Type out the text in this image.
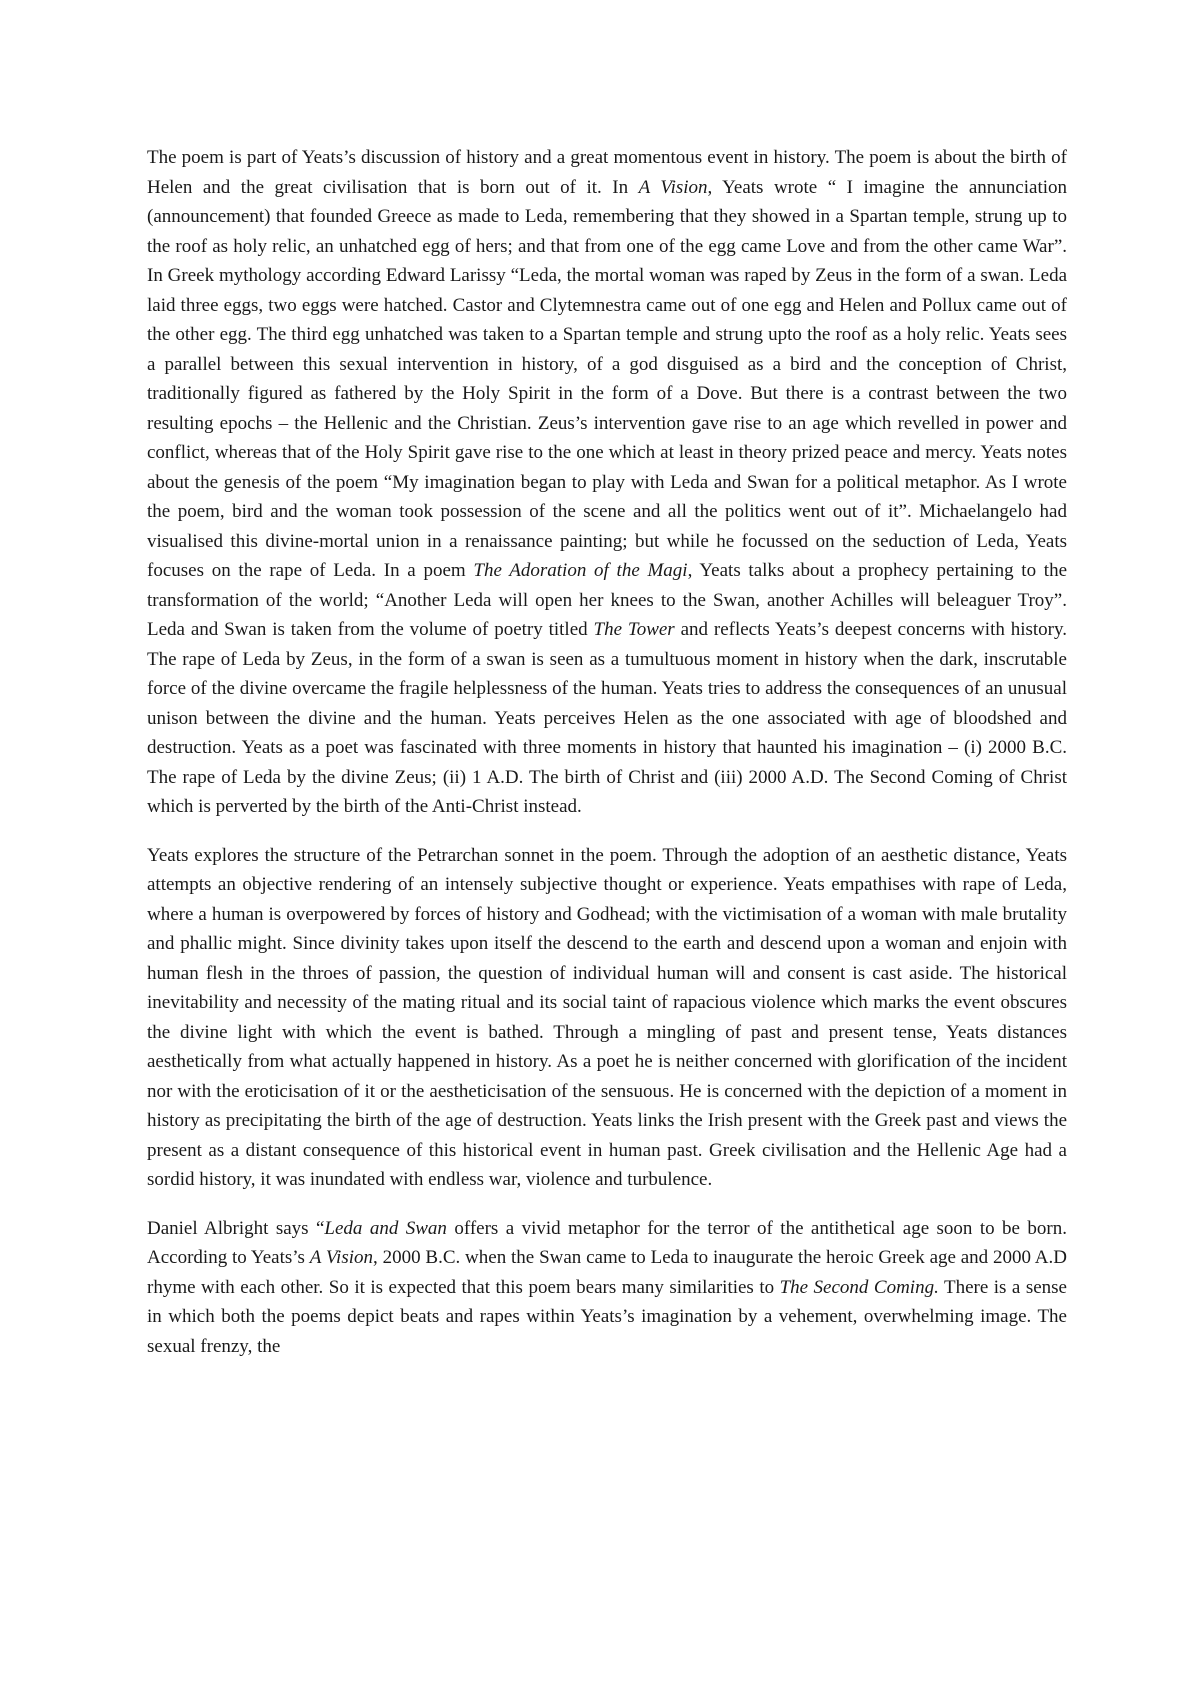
The poem is part of Yeats’s discussion of history and a great momentous event in history. The poem is about the birth of Helen and the great civilisation that is born out of it. In A Vision, Yeats wrote “ I imagine the annunciation (announcement) that founded Greece as made to Leda, remembering that they showed in a Spartan temple, strung up to the roof as holy relic, an unhatched egg of hers; and that from one of the egg came Love and from the other came War”. In Greek mythology according Edward Larissy “Leda, the mortal woman was raped by Zeus in the form of a swan. Leda laid three eggs, two eggs were hatched. Castor and Clytemnestra came out of one egg and Helen and Pollux came out of the other egg. The third egg unhatched was taken to a Spartan temple and strung upto the roof as a holy relic. Yeats sees a parallel between this sexual intervention in history, of a god disguised as a bird and the conception of Christ, traditionally figured as fathered by the Holy Spirit in the form of a Dove. But there is a contrast between the two resulting epochs – the Hellenic and the Christian. Zeus’s intervention gave rise to an age which revelled in power and conflict, whereas that of the Holy Spirit gave rise to the one which at least in theory prized peace and mercy. Yeats notes about the genesis of the poem “My imagination began to play with Leda and Swan for a political metaphor. As I wrote the poem, bird and the woman took possession of the scene and all the politics went out of it”. Michaelangelo had visualised this divine-mortal union in a renaissance painting; but while he focussed on the seduction of Leda, Yeats focuses on the rape of Leda. In a poem The Adoration of the Magi, Yeats talks about a prophecy pertaining to the transformation of the world; “Another Leda will open her knees to the Swan, another Achilles will beleaguer Troy”. Leda and Swan is taken from the volume of poetry titled The Tower and reflects Yeats’s deepest concerns with history. The rape of Leda by Zeus, in the form of a swan is seen as a tumultuous moment in history when the dark, inscrutable force of the divine overcame the fragile helplessness of the human. Yeats tries to address the consequences of an unusual unison between the divine and the human. Yeats perceives Helen as the one associated with age of bloodshed and destruction. Yeats as a poet was fascinated with three moments in history that haunted his imagination – (i) 2000 B.C. The rape of Leda by the divine Zeus; (ii) 1 A.D. The birth of Christ and (iii) 2000 A.D. The Second Coming of Christ which is perverted by the birth of the Anti-Christ instead.

Yeats explores the structure of the Petrarchan sonnet in the poem. Through the adoption of an aesthetic distance, Yeats attempts an objective rendering of an intensely subjective thought or experience. Yeats empathises with rape of Leda, where a human is overpowered by forces of history and Godhead; with the victimisation of a woman with male brutality and phallic might. Since divinity takes upon itself the descend to the earth and descend upon a woman and enjoin with human flesh in the throes of passion, the question of individual human will and consent is cast aside. The historical inevitability and necessity of the mating ritual and its social taint of rapacious violence which marks the event obscures the divine light with which the event is bathed. Through a mingling of past and present tense, Yeats distances aesthetically from what actually happened in history. As a poet he is neither concerned with glorification of the incident nor with the eroticisation of it or the aestheticisation of the sensuous. He is concerned with the depiction of a moment in history as precipitating the birth of the age of destruction. Yeats links the Irish present with the Greek past and views the present as a distant consequence of this historical event in human past. Greek civilisation and the Hellenic Age had a sordid history, it was inundated with endless war, violence and turbulence.

Daniel Albright says “Leda and Swan offers a vivid metaphor for the terror of the antithetical age soon to be born. According to Yeats’s A Vision, 2000 B.C. when the Swan came to Leda to inaugurate the heroic Greek age and 2000 A.D rhyme with each other. So it is expected that this poem bears many similarities to The Second Coming. There is a sense in which both the poems depict beats and rapes within Yeats’s imagination by a vehement, overwhelming image. The sexual frenzy, the
